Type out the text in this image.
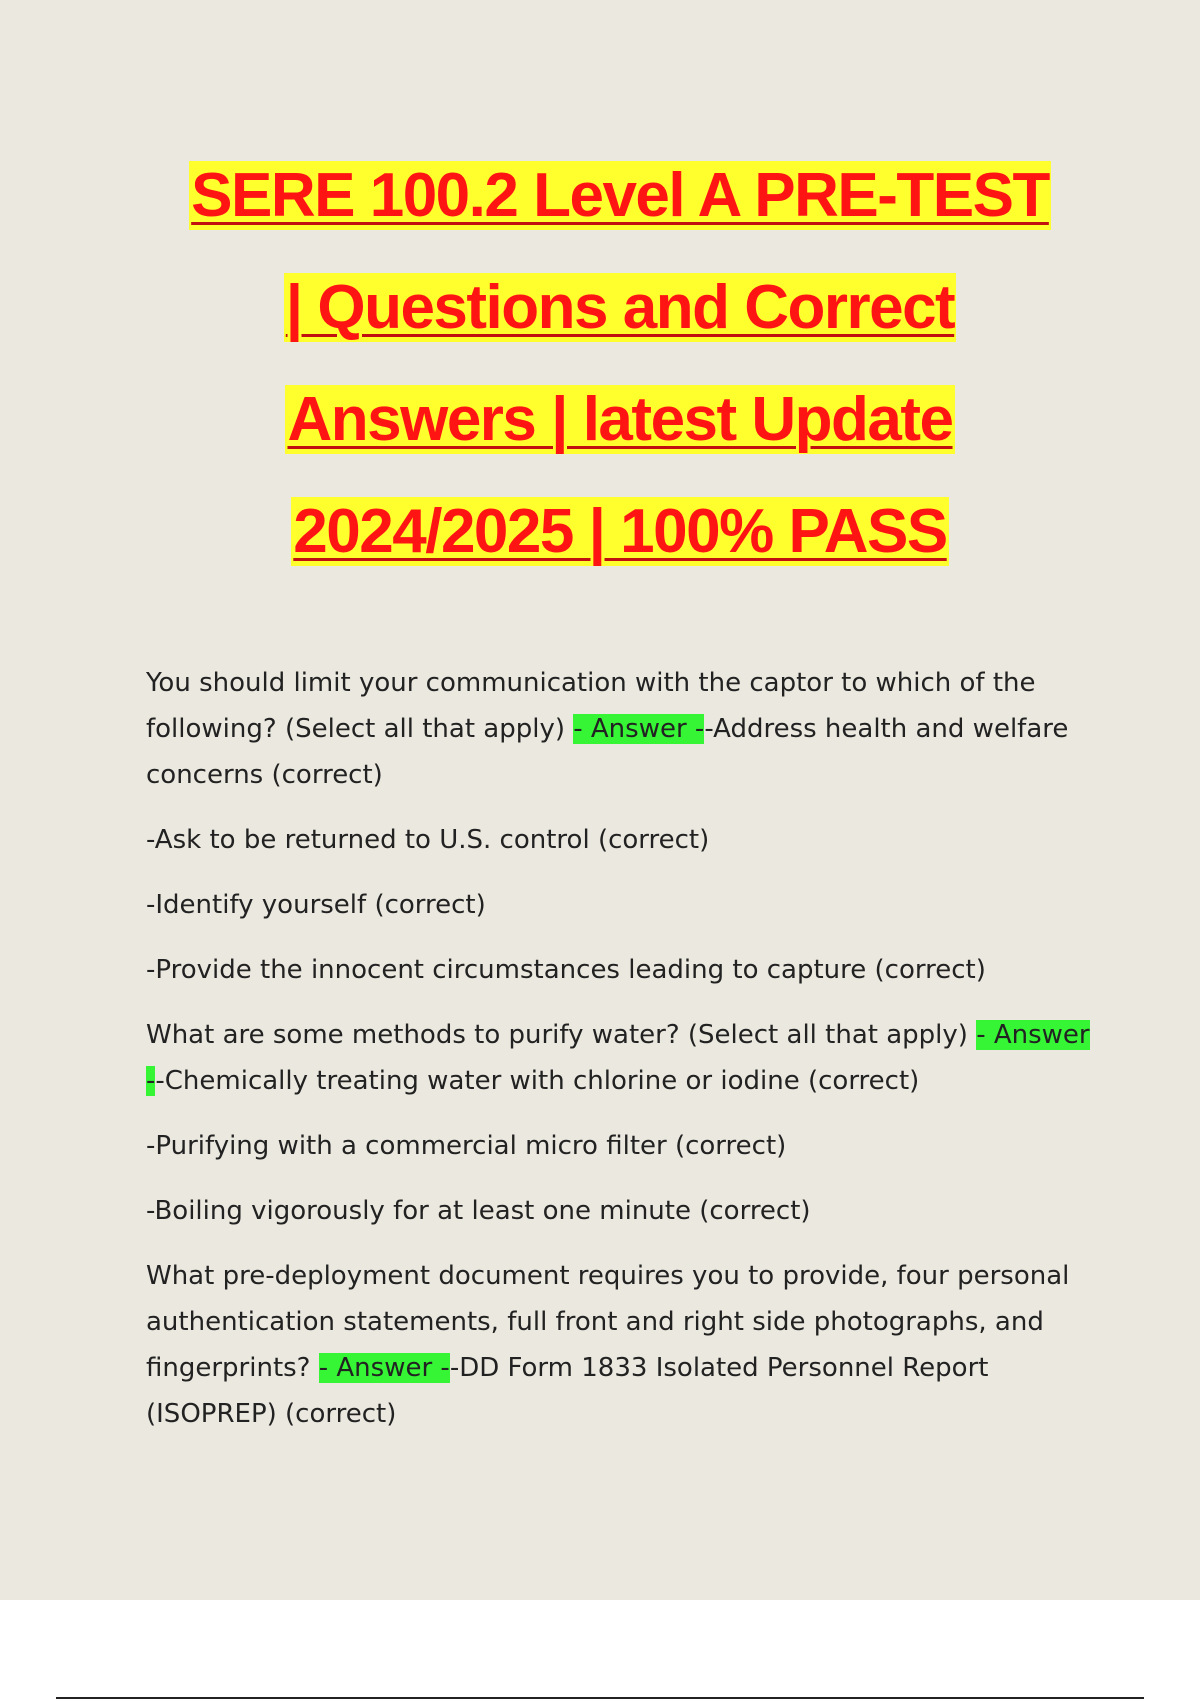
SERE 100.2 Level A PRE-TEST
| Questions and Correct
Answers | latest Update
2024/2025 | 100% PASS

You should limit your communication with the captor to which of the following? (Select all that apply) - Answer --Address health and welfare concerns (correct)

-Ask to be returned to U.S. control (correct)

-Identify yourself (correct)

-Provide the innocent circumstances leading to capture (correct)

What are some methods to purify water? (Select all that apply) - Answer --Chemically treating water with chlorine or iodine (correct)

-Purifying with a commercial micro filter (correct)

-Boiling vigorously for at least one minute (correct)

What pre-deployment document requires you to provide, four personal authentication statements, full front and right side photographs, and fingerprints? - Answer --DD Form 1833 Isolated Personnel Report (ISOPREP) (correct)
